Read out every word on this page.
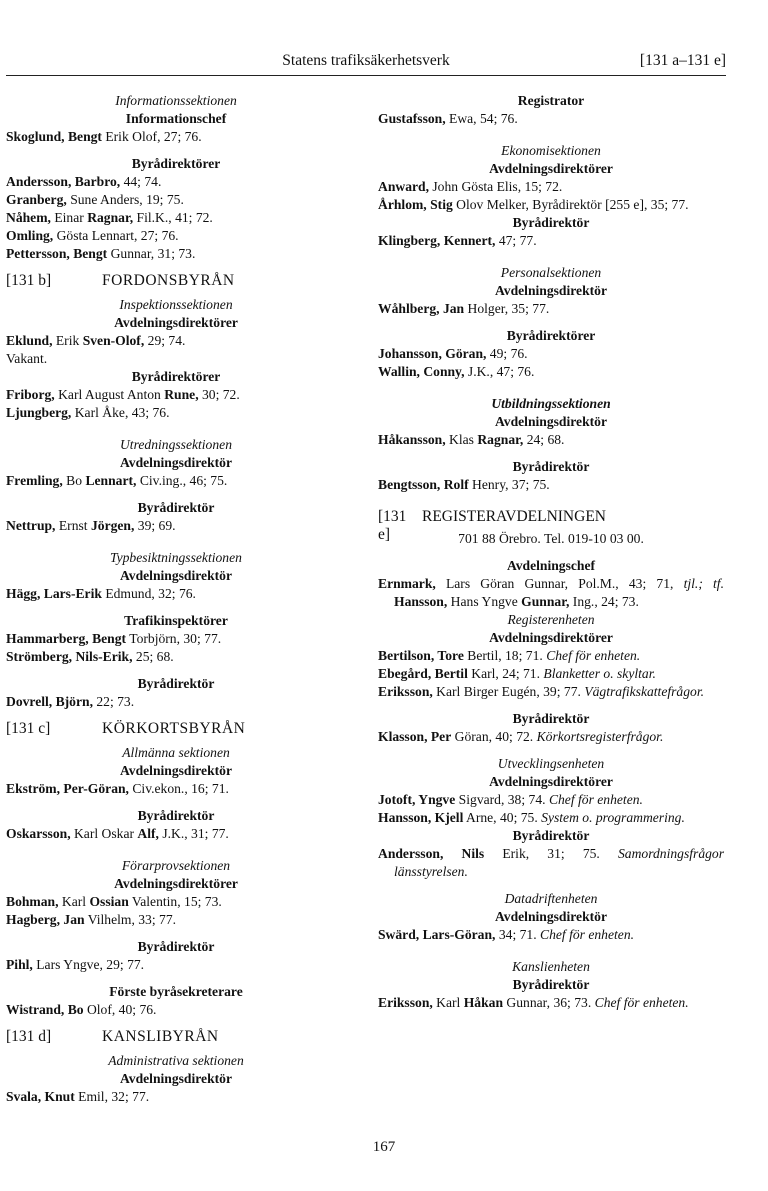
Statens trafiksäkerhetsverk	[131 a–131 e]
Informationssektionen
Informationschef
Skoglund, Bengt Erik Olof, 27; 76.
Byrådirektörer
Andersson, Barbro, 44; 74.
Granberg, Sune Anders, 19; 75.
Nåhem, Einar Ragnar, Fil.K., 41; 72.
Omling, Gösta Lennart, 27; 76.
Pettersson, Bengt Gunnar, 31; 73.
[131 b]	FORDONSBYRÅN
Inspektionssektionen
Avdelningsdirektörer
Eklund, Erik Sven-Olof, 29; 74.
Vakant.
Byrådirektörer
Friborg, Karl August Anton Rune, 30; 72.
Ljungberg, Karl Åke, 43; 76.
Utredningssektionen
Avdelningsdirektör
Fremling, Bo Lennart, Civ.ing., 46; 75.
Byrådirektör
Nettrup, Ernst Jörgen, 39; 69.
Typbesiktningssektionen
Avdelningsdirektör
Hägg, Lars-Erik Edmund, 32; 76.
Trafikinspektörer
Hammarberg, Bengt Torbjörn, 30; 77.
Strömberg, Nils-Erik, 25; 68.
Byrådirektör
Dovrell, Björn, 22; 73.
[131 c]	KÖRKORTSBYRÅN
Allmänna sektionen
Avdelningsdirektör
Ekström, Per-Göran, Civ.ekon., 16; 71.
Byrådirektör
Oskarsson, Karl Oskar Alf, J.K., 31; 77.
Förarprovsektionen
Avdelningsdirektörer
Bohman, Karl Ossian Valentin, 15; 73.
Hagberg, Jan Vilhelm, 33; 77.
Byrådirektör
Pihl, Lars Yngve, 29; 77.
Förste byråsekreterare
Wistrand, Bo Olof, 40; 76.
[131 d]	KANSLIBYRÅN
Administrativa sektionen
Avdelningsdirektör
Svala, Knut Emil, 32; 77.
Registrator
Gustafsson, Ewa, 54; 76.
Ekonomisektionen
Avdelningsdirektörer
Anward, John Gösta Elis, 15; 72.
Århlom, Stig Olov Melker, Byrådirektör [255 e], 35; 77.
Byrådirektör
Klingberg, Kennert, 47; 77.
Personalsektionen
Avdelningsdirektör
Wåhlberg, Jan Holger, 35; 77.
Byrådirektörer
Johansson, Göran, 49; 76.
Wallin, Conny, J.K., 47; 76.
Utbildningssektionen
Avdelningsdirektör
Håkansson, Klas Ragnar, 24; 68.
Byrådirektör
Bengtsson, Rolf Henry, 37; 75.
[131 e]
REGISTERAVDELNINGEN
701 88 Örebro. Tel. 019-10 03 00.
Avdelningschef
Ernmark, Lars Göran Gunnar, Pol.M., 43; 71, tjl.; tf. Hansson, Hans Yngve Gunnar, Ing., 24; 73.
Registerenheten
Avdelningsdirektörer
Bertilson, Tore Bertil, 18; 71. Chef för enheten.
Ebegård, Bertil Karl, 24; 71. Blanketter o. skyltar.
Eriksson, Karl Birger Eugén, 39; 77. Vägtrafikskattefrågor.
Byrådirektör
Klasson, Per Göran, 40; 72. Körkortsregisterfrågor.
Utvecklingsenheten
Avdelningsdirektörer
Jotoft, Yngve Sigvard, 38; 74. Chef för enheten.
Hansson, Kjell Arne, 40; 75. System o. programmering.
Byrådirektör
Andersson, Nils Erik, 31; 75. Samordningsfrågor länsstyrelsen.
Datadriftenheten
Avdelningsdirektör
Swärd, Lars-Göran, 34; 71. Chef för enheten.
Kanslienheten
Byrådirektör
Eriksson, Karl Håkan Gunnar, 36; 73. Chef för enheten.
167
